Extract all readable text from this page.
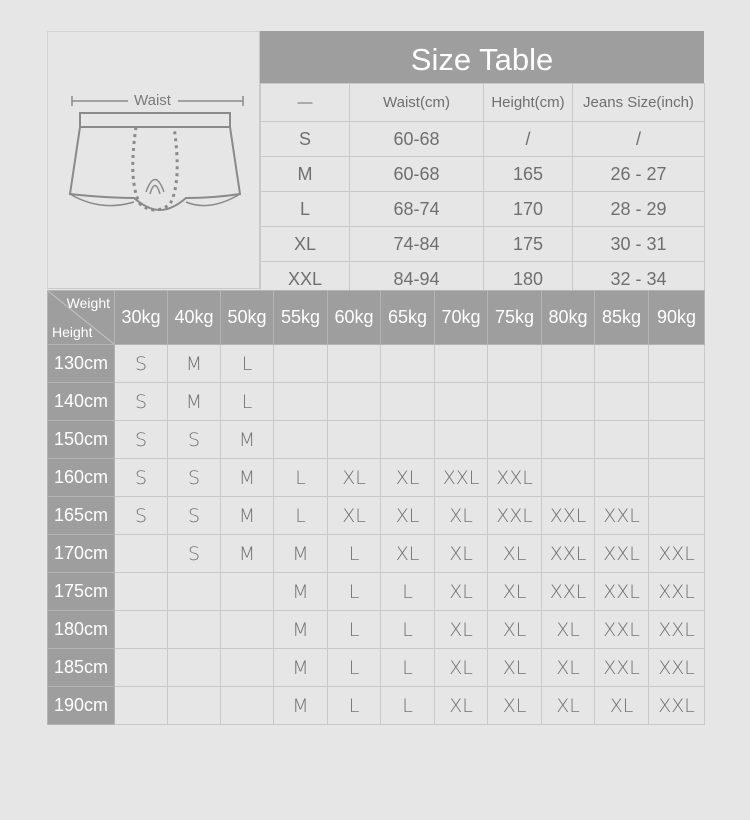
Waist
Size Table
—	Waist(cm)	Height(cm)	Jeans Size(inch)
S	60-68	/	/
M	60-68	165	26 - 27
L	68-74	170	28 - 29
XL	74-84	175	30 - 31
XXL	84-94	180	32 - 34
Weight
Height	30kg	40kg	50kg	55kg	60kg	65kg	70kg	75kg	80kg	85kg	90kg
130cm	S	M	L								
140cm	S	M	L								
150cm	S	S	M								
160cm	S	S	M	L	XL	XL	XXL	XXL			
165cm	S	S	M	L	XL	XL	XL	XXL	XXL	XXL	
170cm		S	M	M	L	XL	XL	XL	XXL	XXL	XXL
175cm				M	L	L	XL	XL	XXL	XXL	XXL
180cm				M	L	L	XL	XL	XL	XXL	XXL
185cm				M	L	L	XL	XL	XL	XXL	XXL
190cm				M	L	L	XL	XL	XL	XL	XXL
